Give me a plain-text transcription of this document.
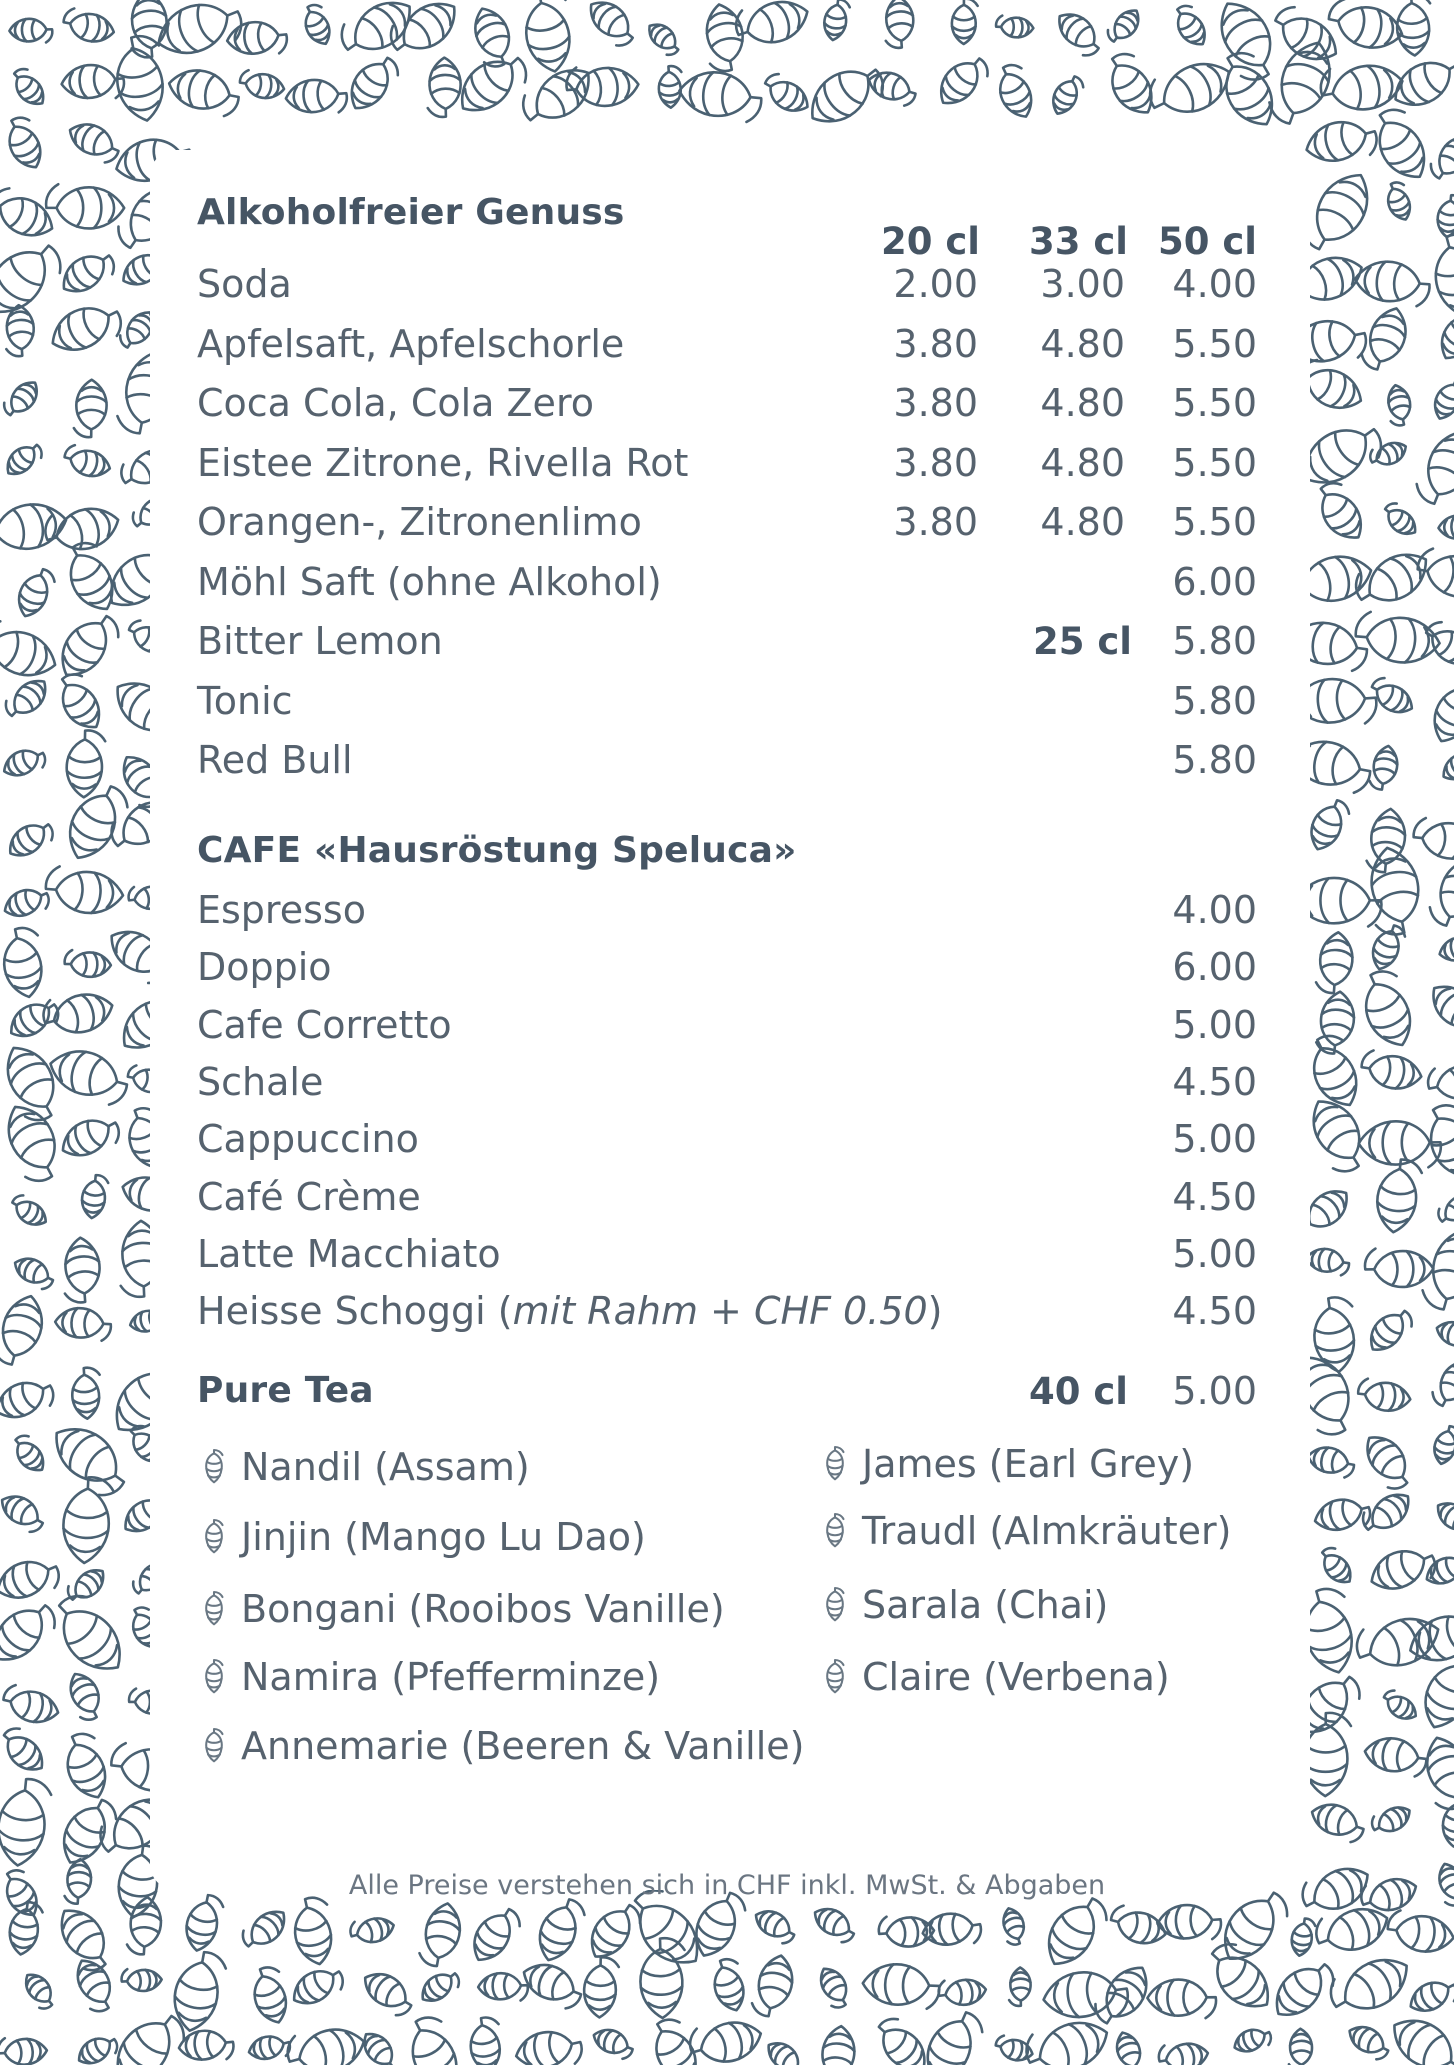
Alkoholfreier Genuss
20 cl	33 cl 50 cl
Soda	2.00	3.00	4.00
Apfelsaft, Apfelschorle	3.80	4.80	5.50
Coca Cola, Cola Zero	3.80	4.80	5.50
Eistee Zitrone, Rivella Rot	3.80	4.80	5.50
Orangen-, Zitronenlimo	3.80	4.80	5.50
Möhl Saft (ohne Alkohol)	6.00
Bitter Lemon	25 cl	5.80
Tonic	5.80
Red Bull	5.80
CAFE «Hausröstung Speluca»
Espresso	4.00
Doppio	6.00
Cafe Corretto	5.00
Schale	4.50
Cappuccino	5.00
Café Crème	4.50
Latte Macchiato	5.00
Heisse Schoggi (mit Rahm + CHF 0.50)	4.50
Pure Tea	40 cl	5.00
Nandil (Assam)
Jinjin (Mango Lu Dao)
Bongani (Rooibos Vanille)
Namira (Pfefferminze)
Annemarie (Beeren & Vanille)
James (Earl Grey)
Traudl (Almkräuter)
Sarala (Chai)
Claire (Verbena)
Alle Preise verstehen sich in CHF inkl. MwSt. & Abgaben
